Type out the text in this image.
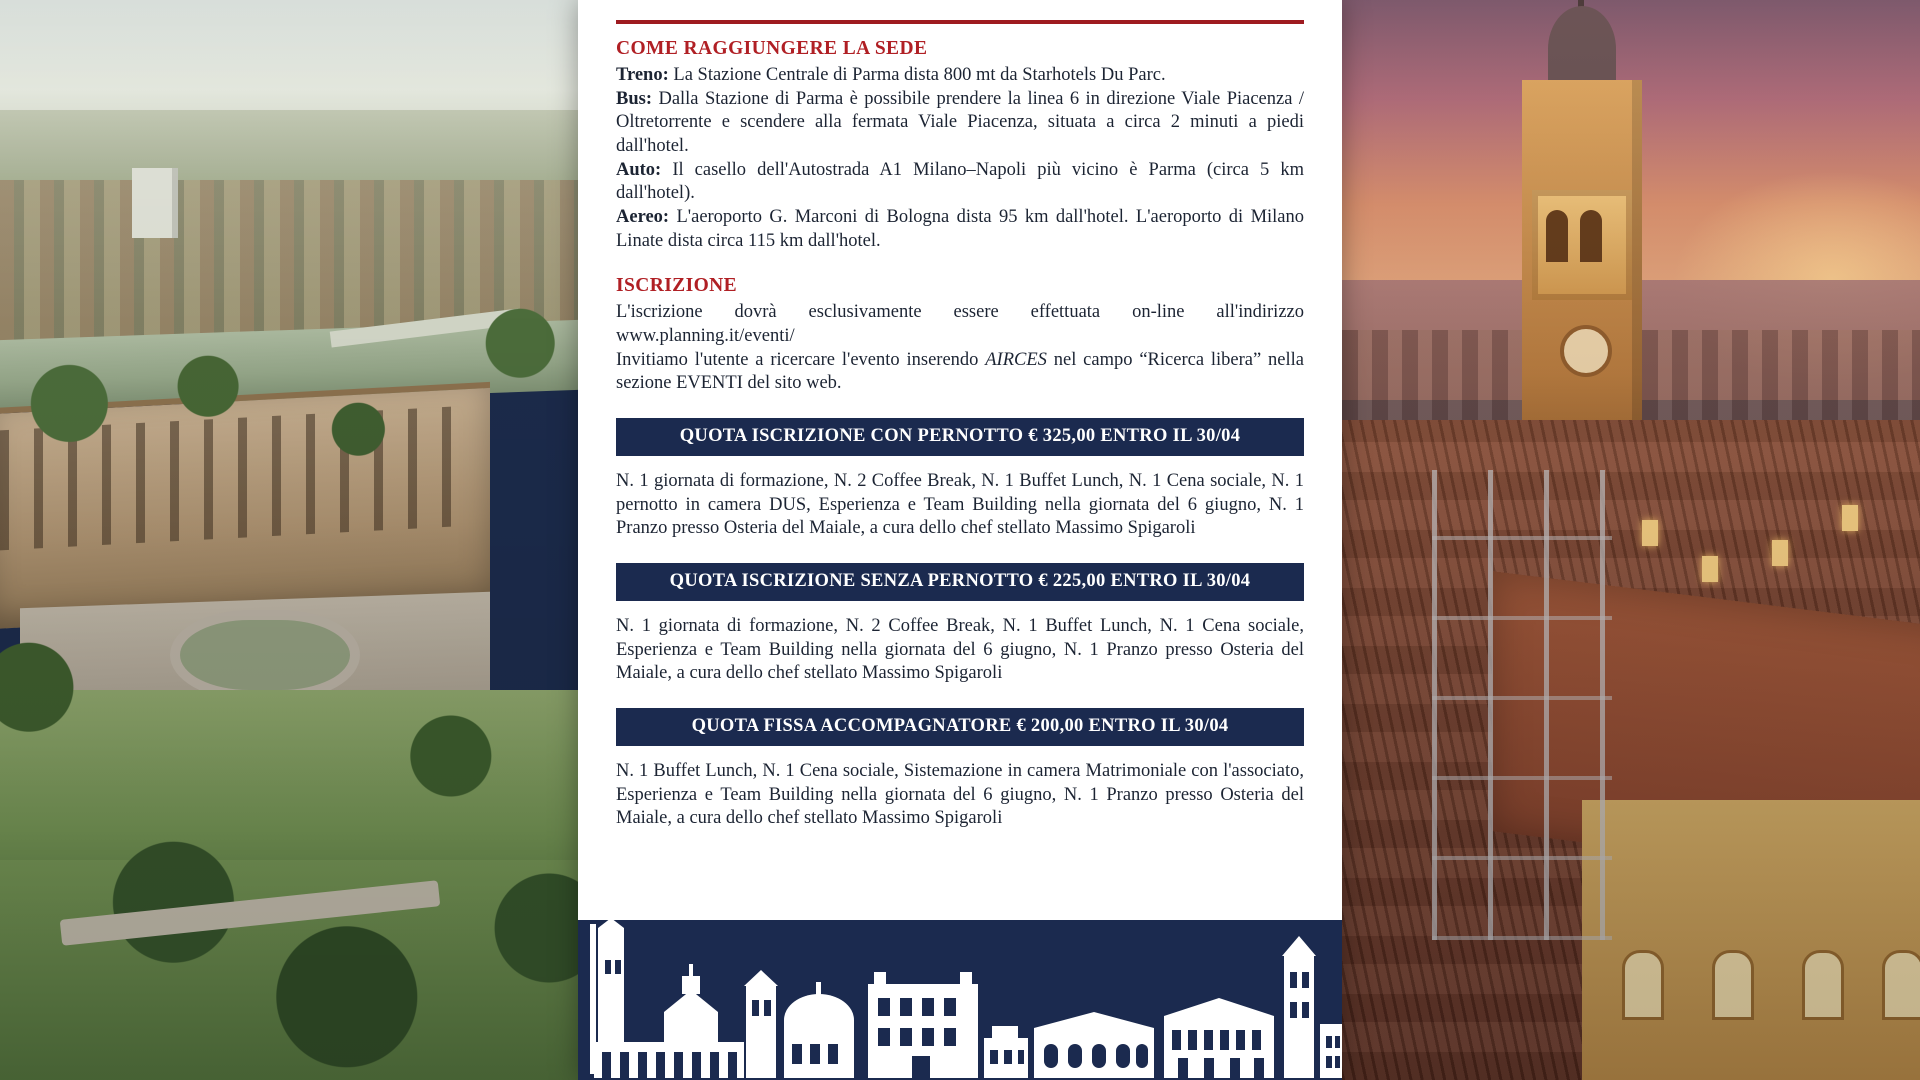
COME RAGGIUNGERE LA SEDE

Treno: La Stazione Centrale di Parma dista 800 mt da Starhotels Du Parc.

Bus: Dalla Stazione di Parma è possibile prendere la linea 6 in direzione Viale Piacenza / Oltretorrente e scendere alla fermata Viale Piacenza, situata a circa 2 minuti a piedi dall'hotel.

Auto: Il casello dell'Autostrada A1 Milano–Napoli più vicino è Parma (circa 5 km dall'hotel).

Aereo: L'aeroporto G. Marconi di Bologna dista 95 km dall'hotel. L'aeroporto di Milano Linate dista circa 115 km dall'hotel.

ISCRIZIONE

L'iscrizione dovrà esclusivamente essere effettuata on-line all'indirizzo www.planning.it/eventi/

Invitiamo l'utente a ricercare l'evento inserendo AIRCES nel campo “Ricerca libera” nella sezione EVENTI del sito web.

QUOTA ISCRIZIONE CON PERNOTTO € 325,00 ENTRO IL 30/04
N. 1 giornata di formazione, N. 2 Coffee Break, N. 1 Buffet Lunch, N. 1 Cena sociale, N. 1 pernotto in camera DUS, Esperienza e Team Building nella giornata del 6 giugno, N. 1 Pranzo presso Osteria del Maiale, a cura dello chef stellato Massimo Spigaroli
QUOTA ISCRIZIONE SENZA PERNOTTO € 225,00 ENTRO IL 30/04
N. 1 giornata di formazione, N. 2 Coffee Break, N. 1 Buffet Lunch, N. 1 Cena sociale, Esperienza e Team Building nella giornata del 6 giugno, N. 1 Pranzo presso Osteria del Maiale, a cura dello chef stellato Massimo Spigaroli
QUOTA FISSA ACCOMPAGNATORE € 200,00 ENTRO IL 30/04
N. 1 Buffet Lunch, N. 1 Cena sociale, Sistemazione in camera Matrimoniale con l'associato, Esperienza e Team Building nella giornata del 6 giugno, N. 1 Pranzo presso Osteria del Maiale, a cura dello chef stellato Massimo Spigaroli
